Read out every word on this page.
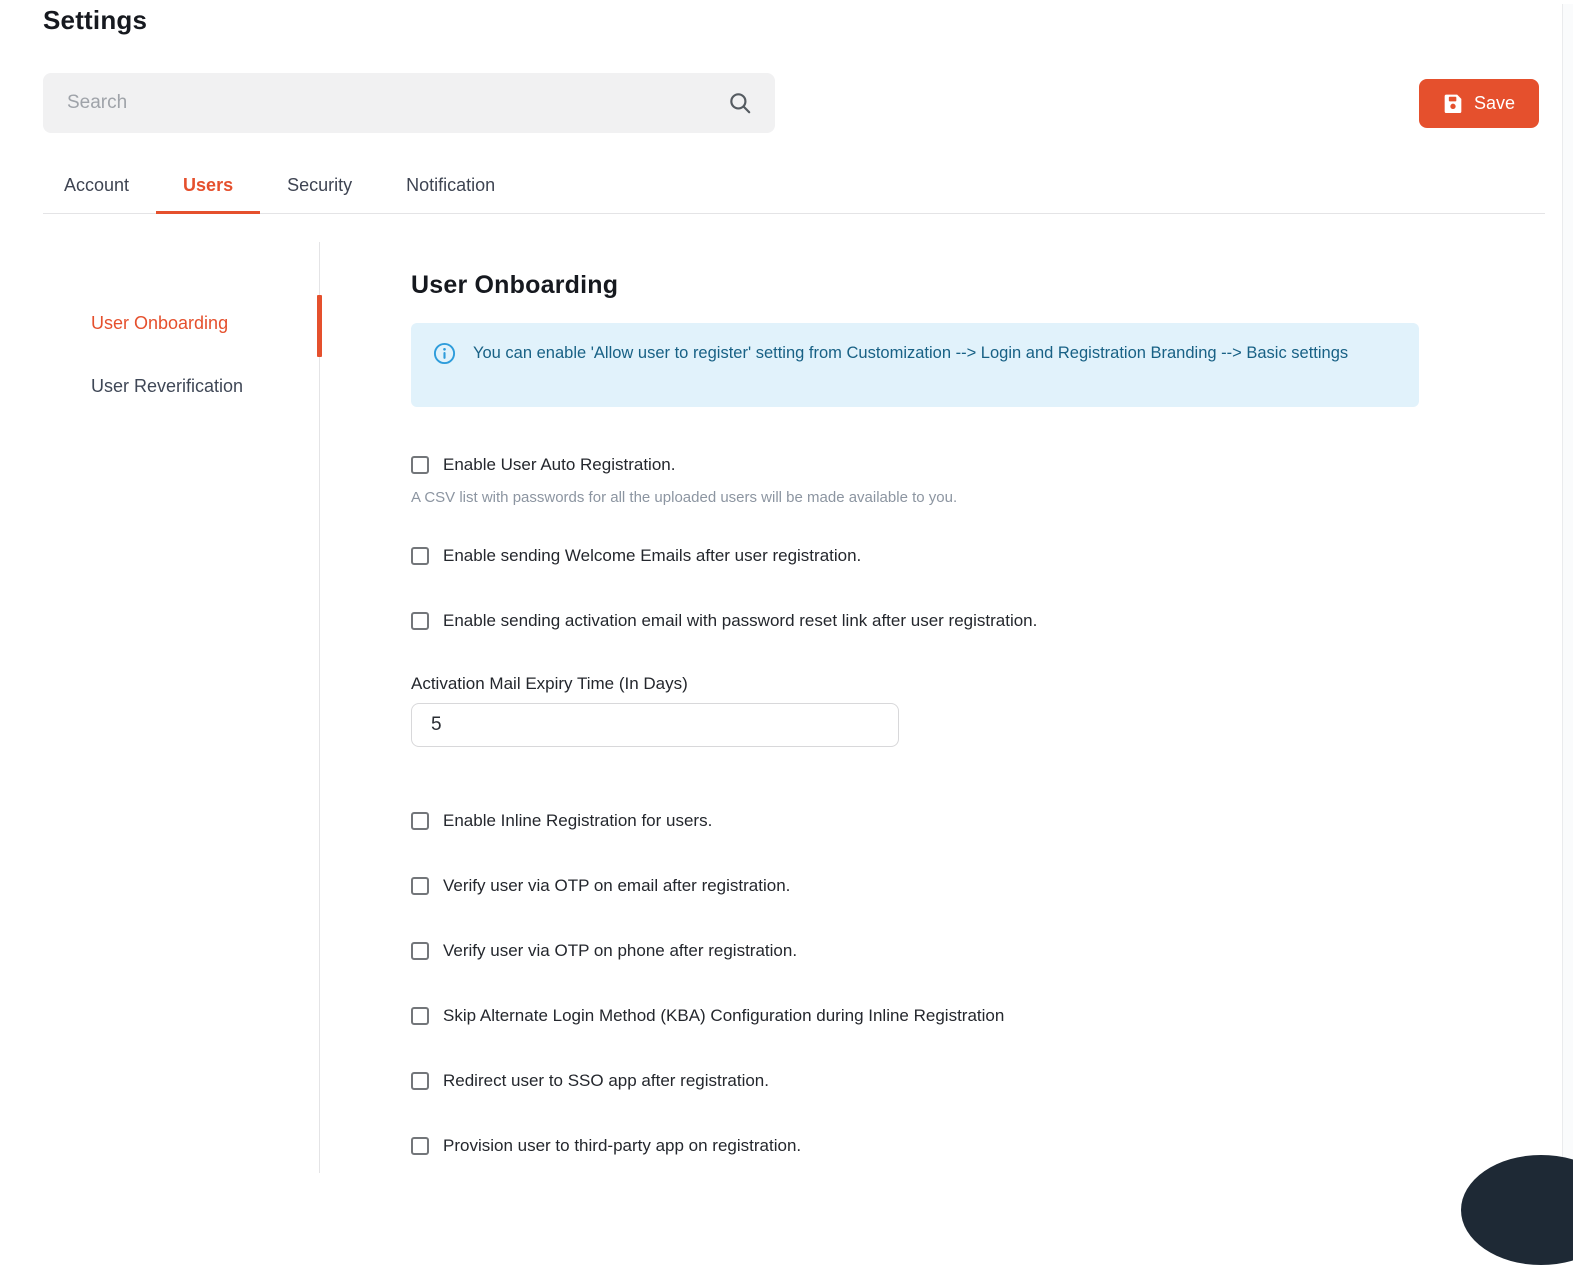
Settings
Search
Save
Account	Users	Security	Notification
User Onboarding
User Reverification
User Onboarding
You can enable 'Allow user to register' setting from Customization --> Login and Registration Branding --> Basic settings
Enable User Auto Registration.
A CSV list with passwords for all the uploaded users will be made available to you.
Enable sending Welcome Emails after user registration.
Enable sending activation email with password reset link after user registration.
Activation Mail Expiry Time (In Days)
5
Enable Inline Registration for users.
Verify user via OTP on email after registration.
Verify user via OTP on phone after registration.
Skip Alternate Login Method (KBA) Configuration during Inline Registration
Redirect user to SSO app after registration.
Provision user to third-party app on registration.
